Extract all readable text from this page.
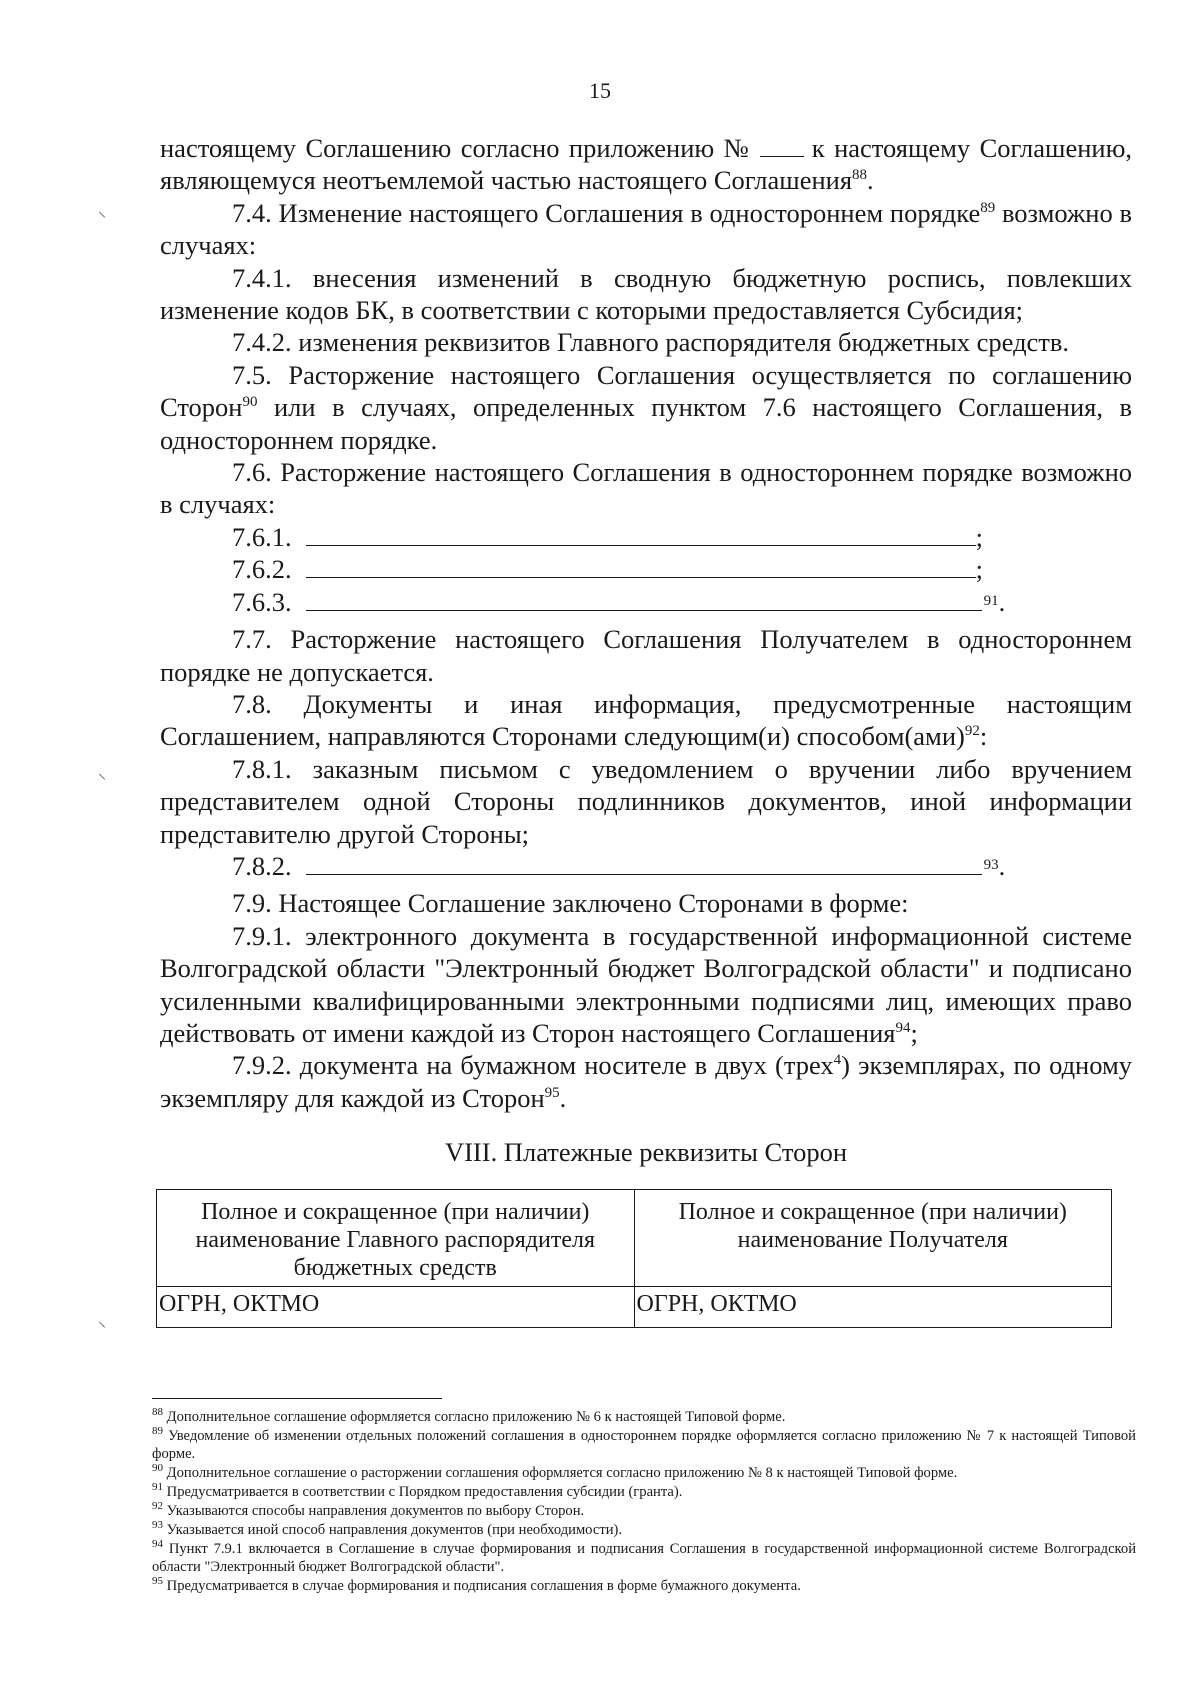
15

настоящему Соглашению согласно приложению № к настоящему Соглашению, являющемуся неотъемлемой частью настоящего Соглашения$^{88}$.

7.4. Изменение настоящего Соглашения в одностороннем порядке$^{89}$ возможно в случаях:

7.4.1. внесения изменений в сводную бюджетную роспись, повлекших изменение кодов БК, в соответствии с которыми предоставляется Субсидия;

7.4.2. изменения реквизитов Главного распорядителя бюджетных средств.

7.5. Расторжение настоящего Соглашения осуществляется по соглашению Сторон$^{90}$ или в случаях, определенных пунктом 7.6 настоящего Соглашения, в одностороннем порядке.

7.6. Расторжение настоящего Соглашения в одностороннем порядке возможно в случаях:

7.6.1.	;
7.6.2.	;
7.6.3.	91 .

7.7. Расторжение настоящего Соглашения Получателем в одностороннем порядке не допускается.

7.8. Документы и иная информация, предусмотренные настоящим Соглашением, направляются Сторонами следующим(и) способом(ами)$^{92}$:

7.8.1. заказным письмом с уведомлением о вручении либо вручением представителем одной Стороны подлинников документов, иной информации представителю другой Стороны;

7.8.2.	93 .

7.9. Настоящее Соглашение заключено Сторонами в форме:

7.9.1. электронного документа в государственной информационной системе Волгоградской области "Электронный бюджет Волгоградской области" и подписано усиленными квалифицированными электронными подписями лиц, имеющих право действовать от имени каждой из Сторон настоящего Соглашения$^{94}$;

7.9.2. документа на бумажном носителе в двух (трех$^4$) экземплярах, по одному экземпляру для каждой из Сторон$^{95}$.

VIII. Платежные реквизиты Сторон

Полное и сокращенное (при наличии) наименование Главного распорядителя бюджетных средств	Полное и сокращенное (при наличии) наименование Получателя
ОГРН, ОКТМО	ОГРН, ОКТМО

$^{88}$ Дополнительное соглашение оформляется согласно приложению № 6 к настоящей Типовой форме.

$^{89}$ Уведомление об изменении отдельных положений соглашения в одностороннем порядке оформляется согласно приложению № 7 к настоящей Типовой форме.

$^{90}$ Дополнительное соглашение о расторжении соглашения оформляется согласно приложению № 8 к настоящей Типовой форме.

$^{91}$ Предусматривается в соответствии с Порядком предоставления субсидии (гранта).

$^{92}$ Указываются способы направления документов по выбору Сторон.

$^{93}$ Указывается иной способ направления документов (при необходимости).

$^{94}$ Пункт 7.9.1 включается в Соглашение в случае формирования и подписания Соглашения в государственной информационной системе Волгоградской области "Электронный бюджет Волгоградской области".

$^{95}$ Предусматривается в случае формирования и подписания соглашения в форме бумажного документа.

⸌
⸌
⸌
